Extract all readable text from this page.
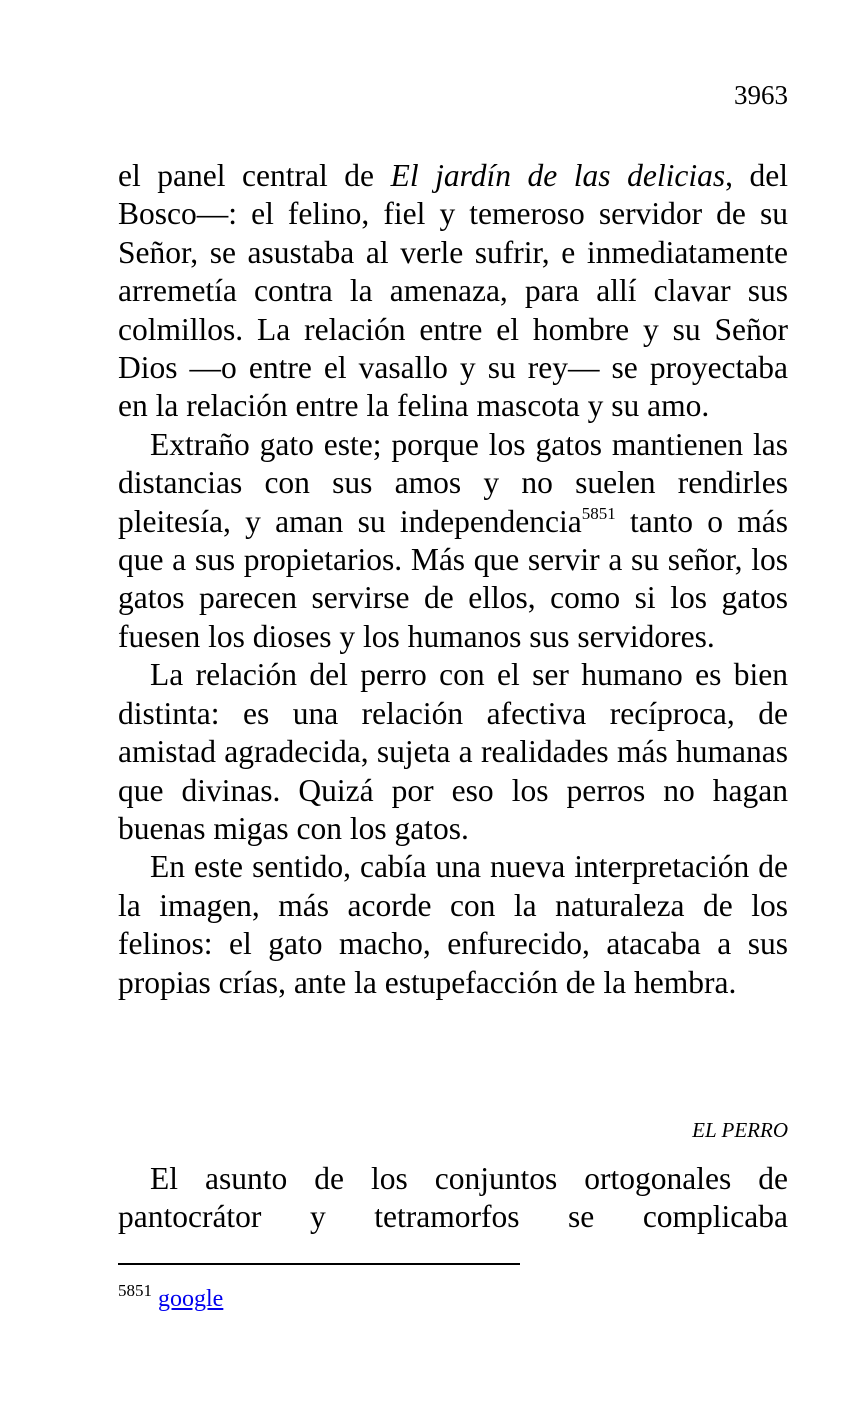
3963

el panel central de El jardín de las delicias, del Bosco―: el felino, fiel y temeroso servidor de su Señor, se asustaba al verle sufrir, e inmediatamente arremetía contra la amenaza, para allí clavar sus colmillos. La relación entre el hombre y su Señor Dios ―o entre el vasallo y su rey― se proyectaba en la relación entre la felina mascota y su amo.

Extraño gato este; porque los gatos mantienen las distancias con sus amos y no suelen rendirles pleitesía, y aman su independencia$^{5851}$ tanto o más que a sus propietarios. Más que servir a su señor, los gatos parecen servirse de ellos, como si los gatos fuesen los dioses y los humanos sus servidores.

La relación del perro con el ser humano es bien distinta: es una relación afectiva recíproca, de amistad agradecida, sujeta a realidades más humanas que divinas. Quizá por eso los perros no hagan buenas migas con los gatos.

En este sentido, cabía una nueva interpretación de la imagen, más acorde con la naturaleza de los felinos: el gato macho, enfurecido, atacaba a sus propias crías, ante la estupefacción de la hembra.

EL PERRO

El asunto de los conjuntos ortogonales de pantocrátor y tetramorfos se complicaba

$^{5851}$ google
